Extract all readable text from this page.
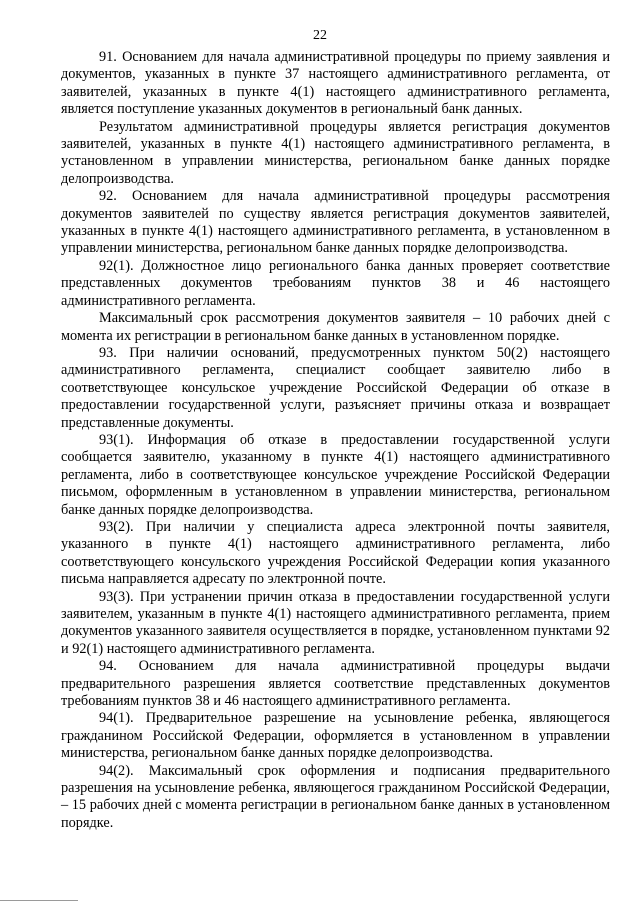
22

91. Основанием для начала административной процедуры по приему заявления и документов, указанных в пункте 37 настоящего административного регламента, от заявителей, указанных в пункте 4(1) настоящего административного регламента, является поступление указанных документов в региональный банк данных.

Результатом административной процедуры является регистрация документов заявителей, указанных в пункте 4(1) настоящего административного регламента, в установленном в управлении министерства, региональном банке данных порядке делопроизводства.

92. Основанием для начала административной процедуры рассмотрения документов заявителей по существу является регистрация документов заявителей, указанных в пункте 4(1) настоящего административного регламента, в установленном в управлении министерства, региональном банке данных порядке делопроизводства.

92(1). Должностное лицо регионального банка данных проверяет соответствие представленных документов требованиям пунктов 38 и 46 настоящего административного регламента.

Максимальный срок рассмотрения документов заявителя – 10 рабочих дней с момента их регистрации в региональном банке данных в установленном порядке.

93. При наличии оснований, предусмотренных пунктом 50(2) настоящего административного регламента, специалист сообщает заявителю либо в соответствующее консульское учреждение Российской Федерации об отказе в предоставлении государственной услуги, разъясняет причины отказа и возвращает представленные документы.

93(1). Информация об отказе в предоставлении государственной услуги сообщается заявителю, указанному в пункте 4(1) настоящего административного регламента, либо в соответствующее консульское учреждение Российской Федерации письмом, оформленным в установленном в управлении министерства, региональном банке данных порядке делопроизводства.

93(2). При наличии у специалиста адреса электронной почты заявителя, указанного в пункте 4(1) настоящего административного регламента, либо соответствующего консульского учреждения Российской Федерации копия указанного письма направляется адресату по электронной почте.

93(3). При устранении причин отказа в предоставлении государственной услуги заявителем, указанным в пункте 4(1) настоящего административного регламента, прием документов указанного заявителя осуществляется в порядке, установленном пунктами 92 и 92(1) настоящего административного регламента.

94. Основанием для начала административной процедуры выдачи предварительного разрешения является соответствие представленных документов требованиям пунктов 38 и 46 настоящего административного регламента.

94(1). Предварительное разрешение на усыновление ребенка, являющегося гражданином Российской Федерации, оформляется в установленном в управлении министерства, региональном банке данных порядке делопроизводства.

94(2). Максимальный срок оформления и подписания предварительного разрешения на усыновление ребенка, являющегося гражданином Российской Федерации, – 15 рабочих дней с момента регистрации в региональном банке данных в установленном порядке.
